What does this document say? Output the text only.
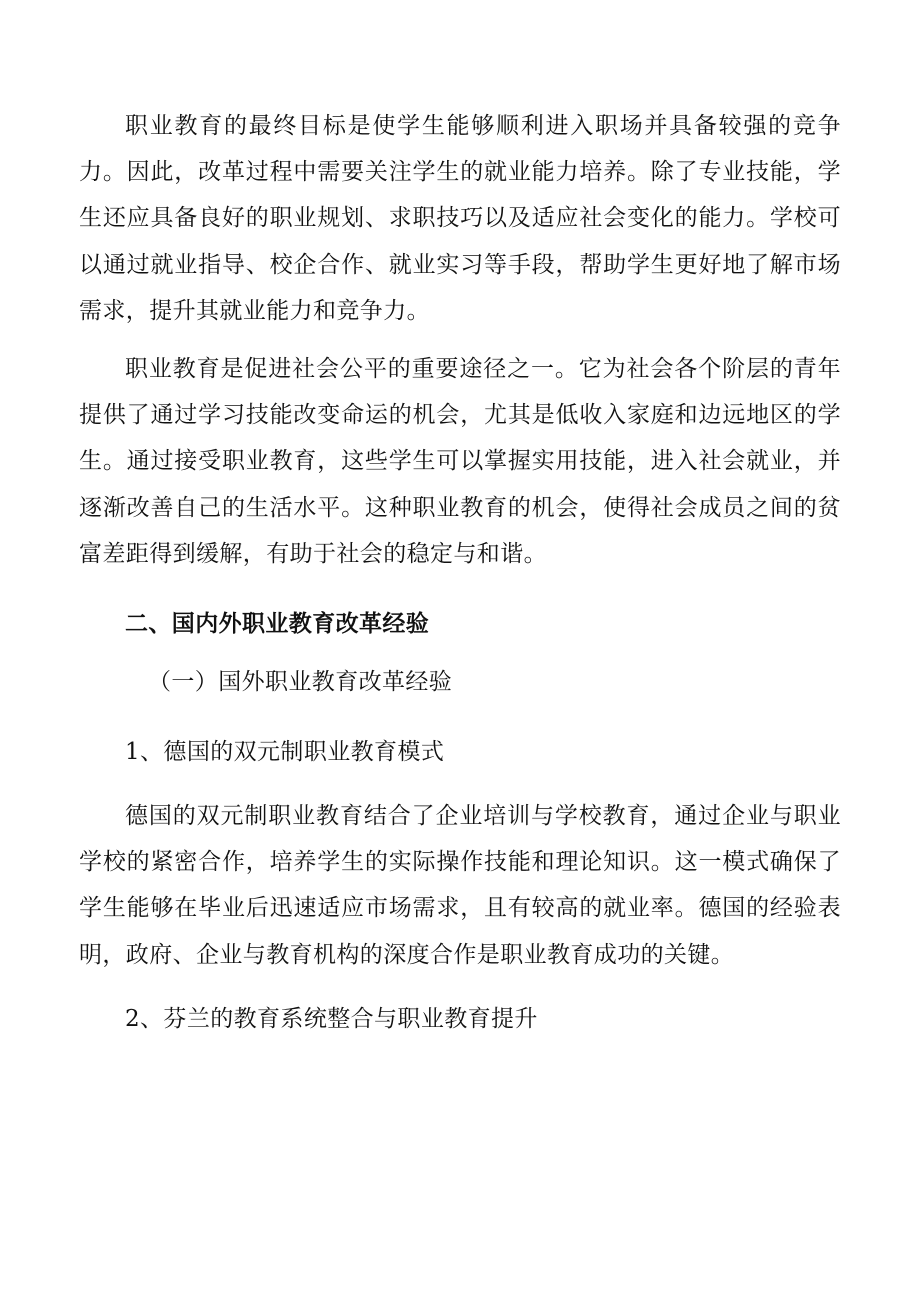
职业教育的最终目标是使学生能够顺利进入职场并具备较强的竞争力。因此，改革过程中需要关注学生的就业能力培养。除了专业技能，学生还应具备良好的职业规划、求职技巧以及适应社会变化的能力。学校可以通过就业指导、校企合作、就业实习等手段，帮助学生更好地了解市场需求，提升其就业能力和竞争力。

职业教育是促进社会公平的重要途径之一。它为社会各个阶层的青年提供了通过学习技能改变命运的机会，尤其是低收入家庭和边远地区的学生。通过接受职业教育，这些学生可以掌握实用技能，进入社会就业，并逐渐改善自己的生活水平。这种职业教育的机会，使得社会成员之间的贫富差距得到缓解，有助于社会的稳定与和谐。

二、国内外职业教育改革经验
（一）国外职业教育改革经验
1、德国的双元制职业教育模式

德国的双元制职业教育结合了企业培训与学校教育，通过企业与职业学校的紧密合作，培养学生的实际操作技能和理论知识。这一模式确保了学生能够在毕业后迅速适应市场需求，且有较高的就业率。德国的经验表明，政府、企业与教育机构的深度合作是职业教育成功的关键。

2、芬兰的教育系统整合与职业教育提升
